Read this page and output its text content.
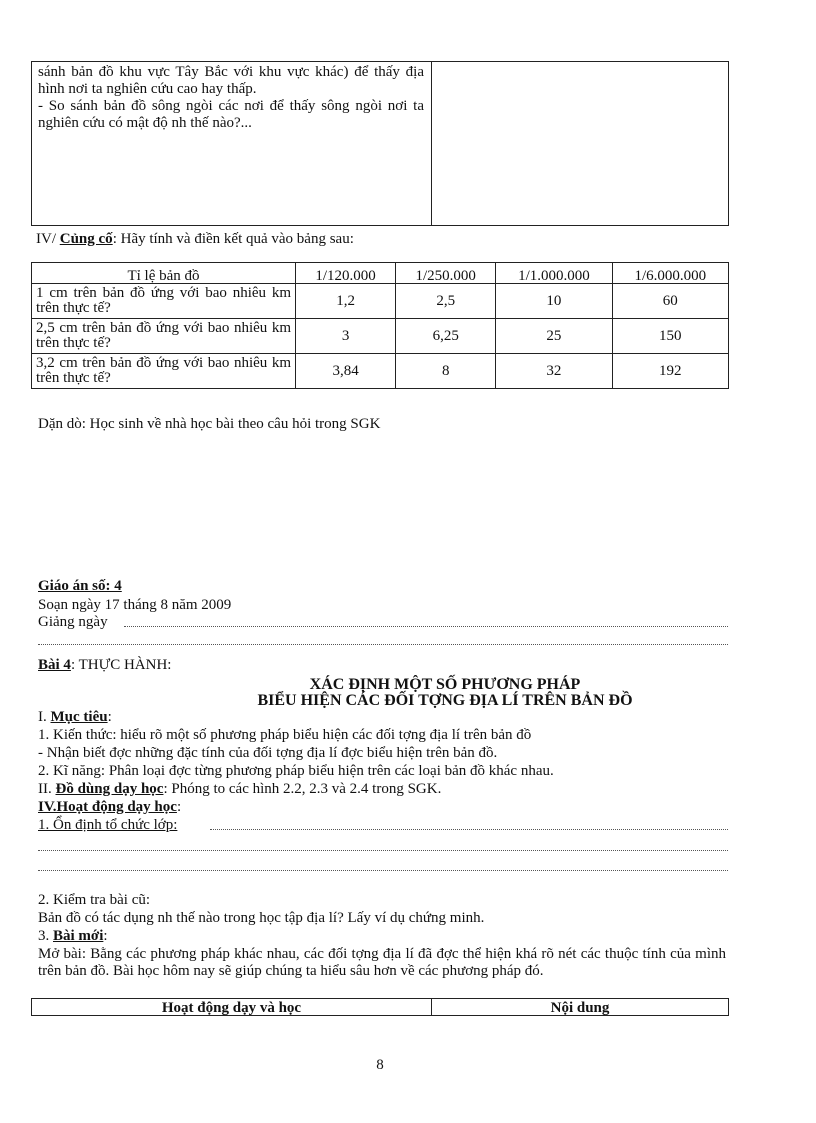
sánh bản đồ khu vực Tây Bắc với khu vực khác) để thấy địa hình nơi ta nghiên cứu cao hay thấp.

- So sánh bản đồ sông ngòi các nơi để thấy sông ngòi nơi ta nghiên cứu có mật độ nh thế nào?...

IV/ Củng cố: Hãy tính và điền kết quả vào bảng sau:
Tỉ lệ bản đồ	1/120.000	1/250.000	1/1.000.000	1/6.000.000
1 cm trên bản đồ ứng với bao nhiêu km trên thực tế?	1,2	2,5	10	60
2,5 cm trên bản đồ ứng với bao nhiêu km trên thực tế?	3	6,25	25	150
3,2 cm trên bản đồ ứng với bao nhiêu km trên thực tế?	3,84	8	32	192
Dặn dò: Học sinh về nhà học bài theo câu hỏi trong SGK
Giáo án số: 4
Soạn ngày 17 tháng 8 năm 2009
Giảng ngày
Bài 4: THỰC HÀNH:
XÁC ĐỊNH MỘT SỐ PHƯƠNG PHÁP
BIỂU HIỆN CÁC ĐỐI TỢNG ĐỊA LÍ TRÊN BẢN ĐỒ
I. Mục tiêu:
1. Kiến thức: hiểu rõ một số phương pháp biểu hiện các đối tợng địa lí trên bản đồ
- Nhận biết đợc những đặc tính của đối tợng địa lí đợc biểu hiện trên bản đồ.
2. Kĩ năng: Phân loại đợc từng phương pháp biểu hiện trên các loại bản đồ khác nhau.
II. Đồ dùng dạy học: Phóng to các hình 2.2, 2.3 và 2.4 trong SGK.
IV.Hoạt động dạy học:
1. Ổn định tổ chức lớp:
2. Kiểm tra bài cũ:
Bản đồ có tác dụng nh thế nào trong học tập địa lí? Lấy ví dụ chứng minh.
3. Bài mới:
Mở bài: Bằng các phương pháp khác nhau, các đối tợng địa lí đã đợc thể hiện khá rõ nét các thuộc tính của mình trên bản đồ. Bài học hôm nay sẽ giúp chúng ta hiểu sâu hơn về các phương pháp đó.
Hoạt động dạy và học	Nội dung
8
